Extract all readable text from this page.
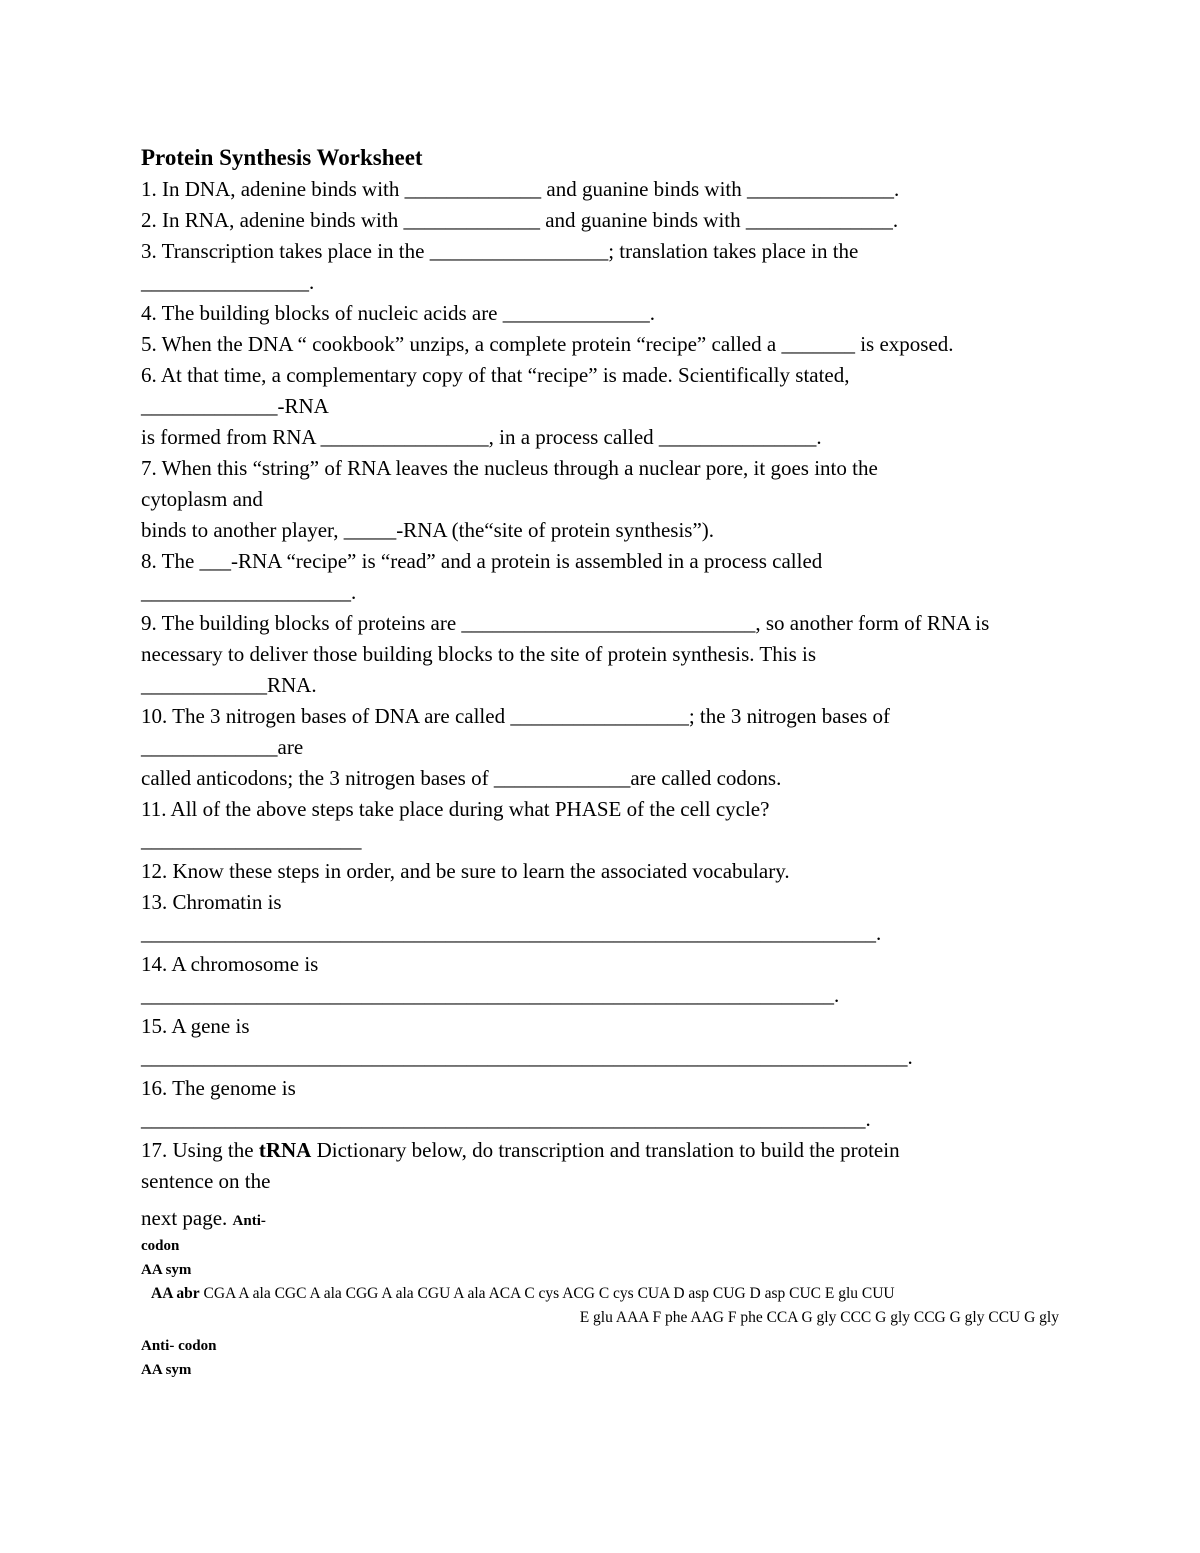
Protein Synthesis Worksheet
1. In DNA, adenine binds with _____________ and guanine binds with ______________.
2. In RNA, adenine binds with _____________ and guanine binds with ______________.
3. Transcription takes place in the _________________; translation takes place in the
________________.
4. The building blocks of nucleic acids are ______________.
5. When the DNA “ cookbook” unzips, a complete protein “recipe” called a _______ is exposed.
6. At that time, a complementary copy of that “recipe” is made. Scientifically stated,
_____________-RNA
is formed from RNA ________________, in a process called _______________.
7. When this “string” of RNA leaves the nucleus through a nuclear pore, it goes into the
cytoplasm and
binds to another player, _____-RNA (the“site of protein synthesis”).
8. The ___-RNA “recipe” is “read” and a protein is assembled in a process called
____________________.
9. The building blocks of proteins are ____________________________, so another form of RNA is
necessary to deliver those building blocks to the site of protein synthesis. This is
____________RNA.
10. The 3 nitrogen bases of DNA are called _________________; the 3 nitrogen bases of
_____________are
called anticodons; the 3 nitrogen bases of _____________are called codons.
11. All of the above steps take place during what PHASE of the cell cycle?
_____________________
12. Know these steps in order, and be sure to learn the associated vocabulary.
13. Chromatin is
______________________________________________________________________.
14. A chromosome is
__________________________________________________________________.
15. A gene is
_________________________________________________________________________.
16. The genome is
_____________________________________________________________________.
17. Using the tRNA Dictionary below, do transcription and translation to build the protein
sentence on the
next page. Anti-
codon
AA sym
AA abr CGA A ala CGC A ala CGG A ala CGU A ala ACA C cys ACG C cys CUA D asp CUG D asp CUC E glu CUU
E glu AAA F phe AAG F phe CCA G gly CCC G gly CCG G gly CCU G gly
Anti- codon
AA sym
